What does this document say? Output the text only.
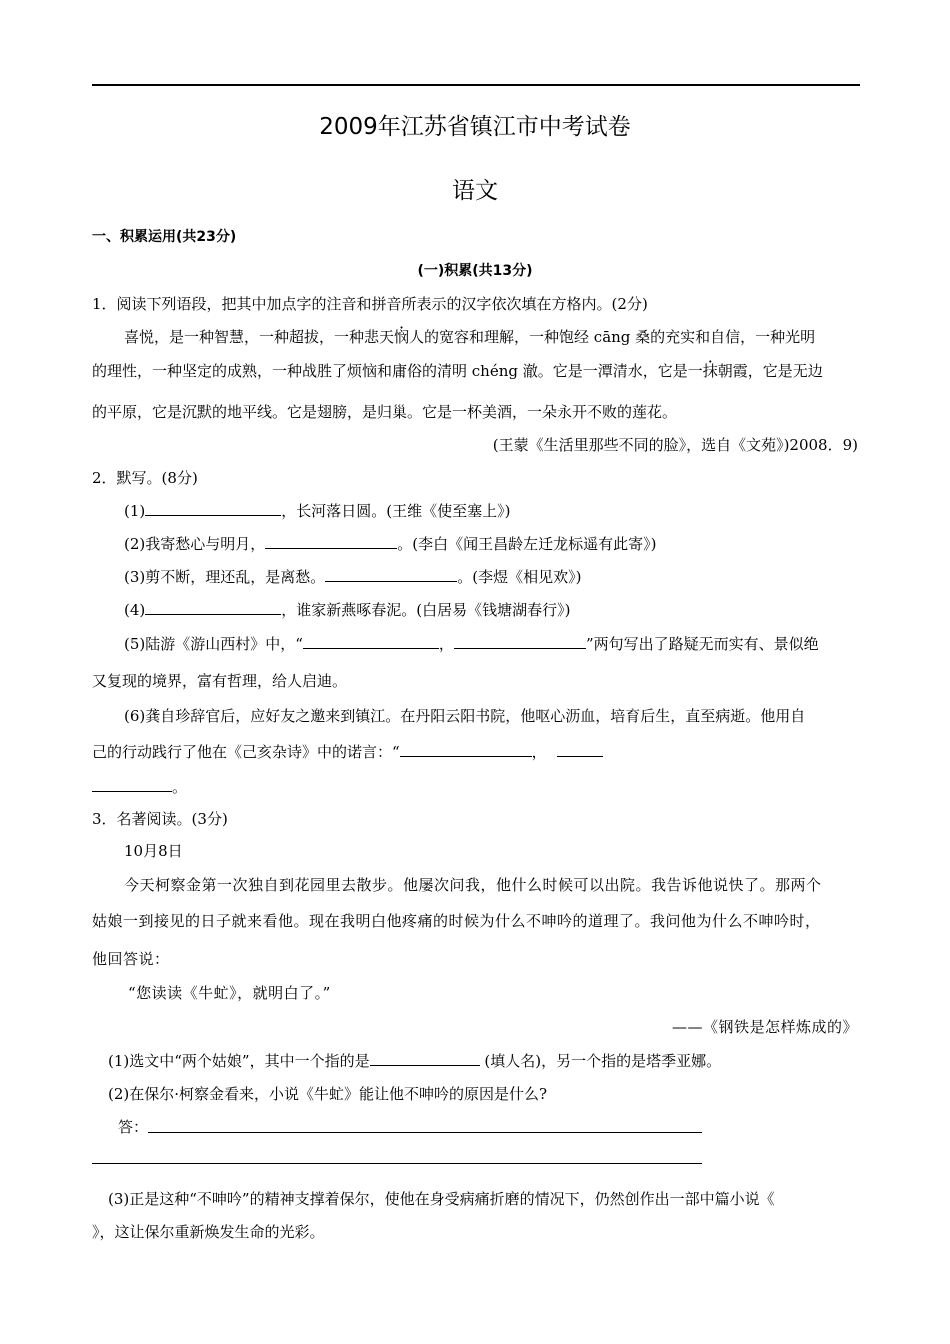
2009年江苏省镇江市中考试卷
语文
一、积累运用(共23分)
(一)积累(共13分)
1．阅读下列语段，把其中加点字的注音和拼音所表示的汉字依次填在方格内。(2分)
喜悦，是一种智慧，一种超拔，一种悲天悯人的宽容和理解，一种饱经 cāng 桑的充实和自信，一种光明
的理性，一种坚定的成熟，一种战胜了烦恼和庸俗的清明 chéng 澈。它是一潭清水，它是一抹朝霞，它是无边
的平原，它是沉默的地平线。它是翅膀，是归巢。它是一杯美酒，一朵永开不败的莲花。
(王蒙《生活里那些不同的脸》，选自《文苑》)2008．9)
2．默写。(8分)
(1)	，长河落日圆。(王维《使至塞上》)
(2)我寄愁心与明月，	。(李白《闻王昌龄左迁龙标遥有此寄》)
(3)剪不断，理还乱，是离愁。	。(李煜《相见欢》)
(4)	，谁家新燕啄春泥。(白居易《钱塘湖春行》)
(5)陆游《游山西村》中，“	，	”两句写出了路疑无而实有、景似绝
又复现的境界，富有哲理，给人启迪。
(6)龚自珍辞官后，应好友之邀来到镇江。在丹阳云阳书院，他呕心沥血，培育后生，直至病逝。他用自
己的行动践行了他在《己亥杂诗》中的诺言：“	，
。
3．名著阅读。(3分)
10月8日
今天柯察金第一次独自到花园里去散步。他屡次问我，他什么时候可以出院。我告诉他说快了。那两个
姑娘一到接见的日子就来看他。现在我明白他疼痛的时候为什么不呻吟的道理了。我问他为什么不呻吟时，
他回答说：
“您读读《牛虻》，就明白了。”
——《钢铁是怎样炼成的》
(1)选文中“两个姑娘”，其中一个指的是	(填人名)，另一个指的是塔季亚娜。
(2)在保尔·柯察金看来，小说《牛虻》能让他不呻吟的原因是什么?
答：
(3)正是这种“不呻吟”的精神支撑着保尔，使他在身受病痛折磨的情况下，仍然创作出一部中篇小说《
》，这让保尔重新焕发生命的光彩。
